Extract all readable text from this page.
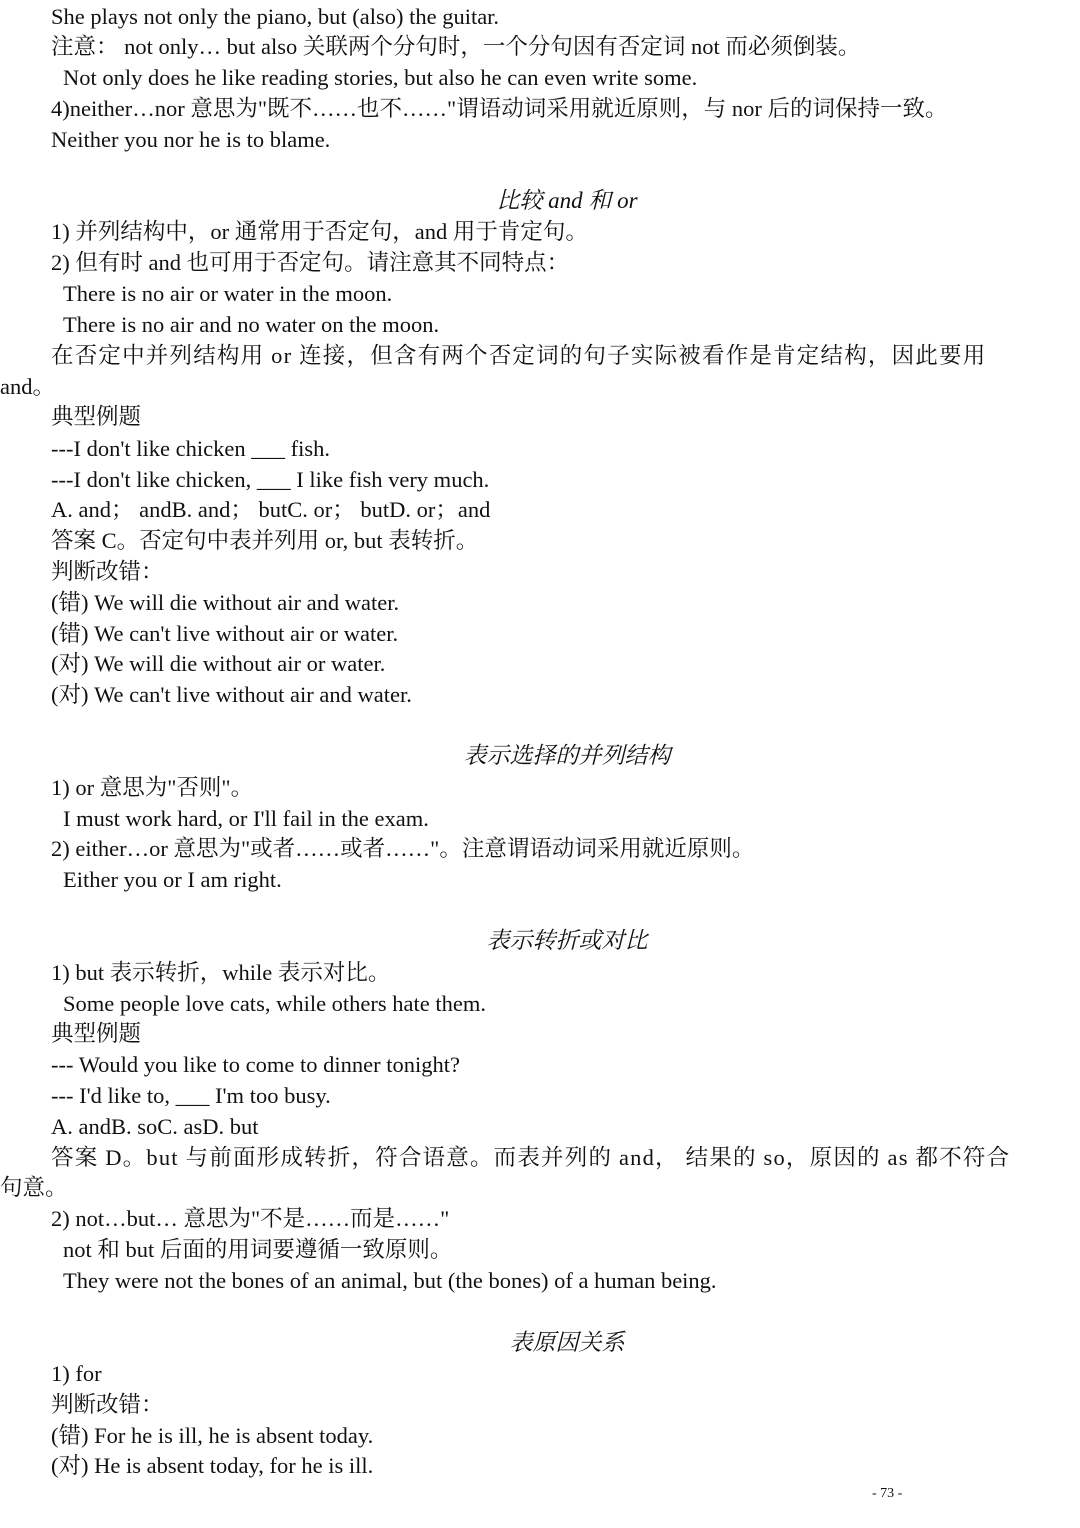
She plays not only the piano, but (also) the guitar.
注意： not only… but also 关联两个分句时，一个分句因有否定词 not 而必须倒装。
Not only does he like reading stories, but also he can even write some.
4)neither…nor 意思为"既不……也不……"谓语动词采用就近原则，与 nor 后的词保持一致。
Neither you nor he is to blame.
比较 and 和 or
1) 并列结构中，or 通常用于否定句，and 用于肯定句。
2) 但有时 and 也可用于否定句。请注意其不同特点：
There is no air or water in the moon.
There is no air and no water on the moon.
在否定中并列结构用 or 连接，但含有两个否定词的句子实际被看作是肯定结构，因此要用
and。
典型例题
---I don't like chicken ___ fish.
---I don't like chicken, ___ I like fish very much.
A. and； andB. and； butC. or； butD. or；and
答案 C。否定句中表并列用 or, but 表转折。
判断改错：
(错) We will die without air and water.
(错) We can't live without air or water.
(对) We will die without air or water.
(对) We can't live without air and water.
表示选择的并列结构
1) or 意思为"否则"。
I must work hard, or I'll fail in the exam.
2) either…or 意思为"或者……或者……"。注意谓语动词采用就近原则。
Either you or I am right.
表示转折或对比
1) but 表示转折，while 表示对比。
Some people love cats, while others hate them.
典型例题
--- Would you like to come to dinner tonight?
--- I'd like to, ___ I'm too busy.
A. andB. soC. asD. but
答案 D。but 与前面形成转折，符合语意。而表并列的 and， 结果的 so，原因的 as 都不符合
句意。
2) not…but… 意思为"不是……而是……"
not 和 but 后面的用词要遵循一致原则。
They were not the bones of an animal, but (the bones) of a human being.
表原因关系
1) for
判断改错：
(错) For he is ill, he is absent today.
(对) He is absent today, for he is ill.
- 73 -
